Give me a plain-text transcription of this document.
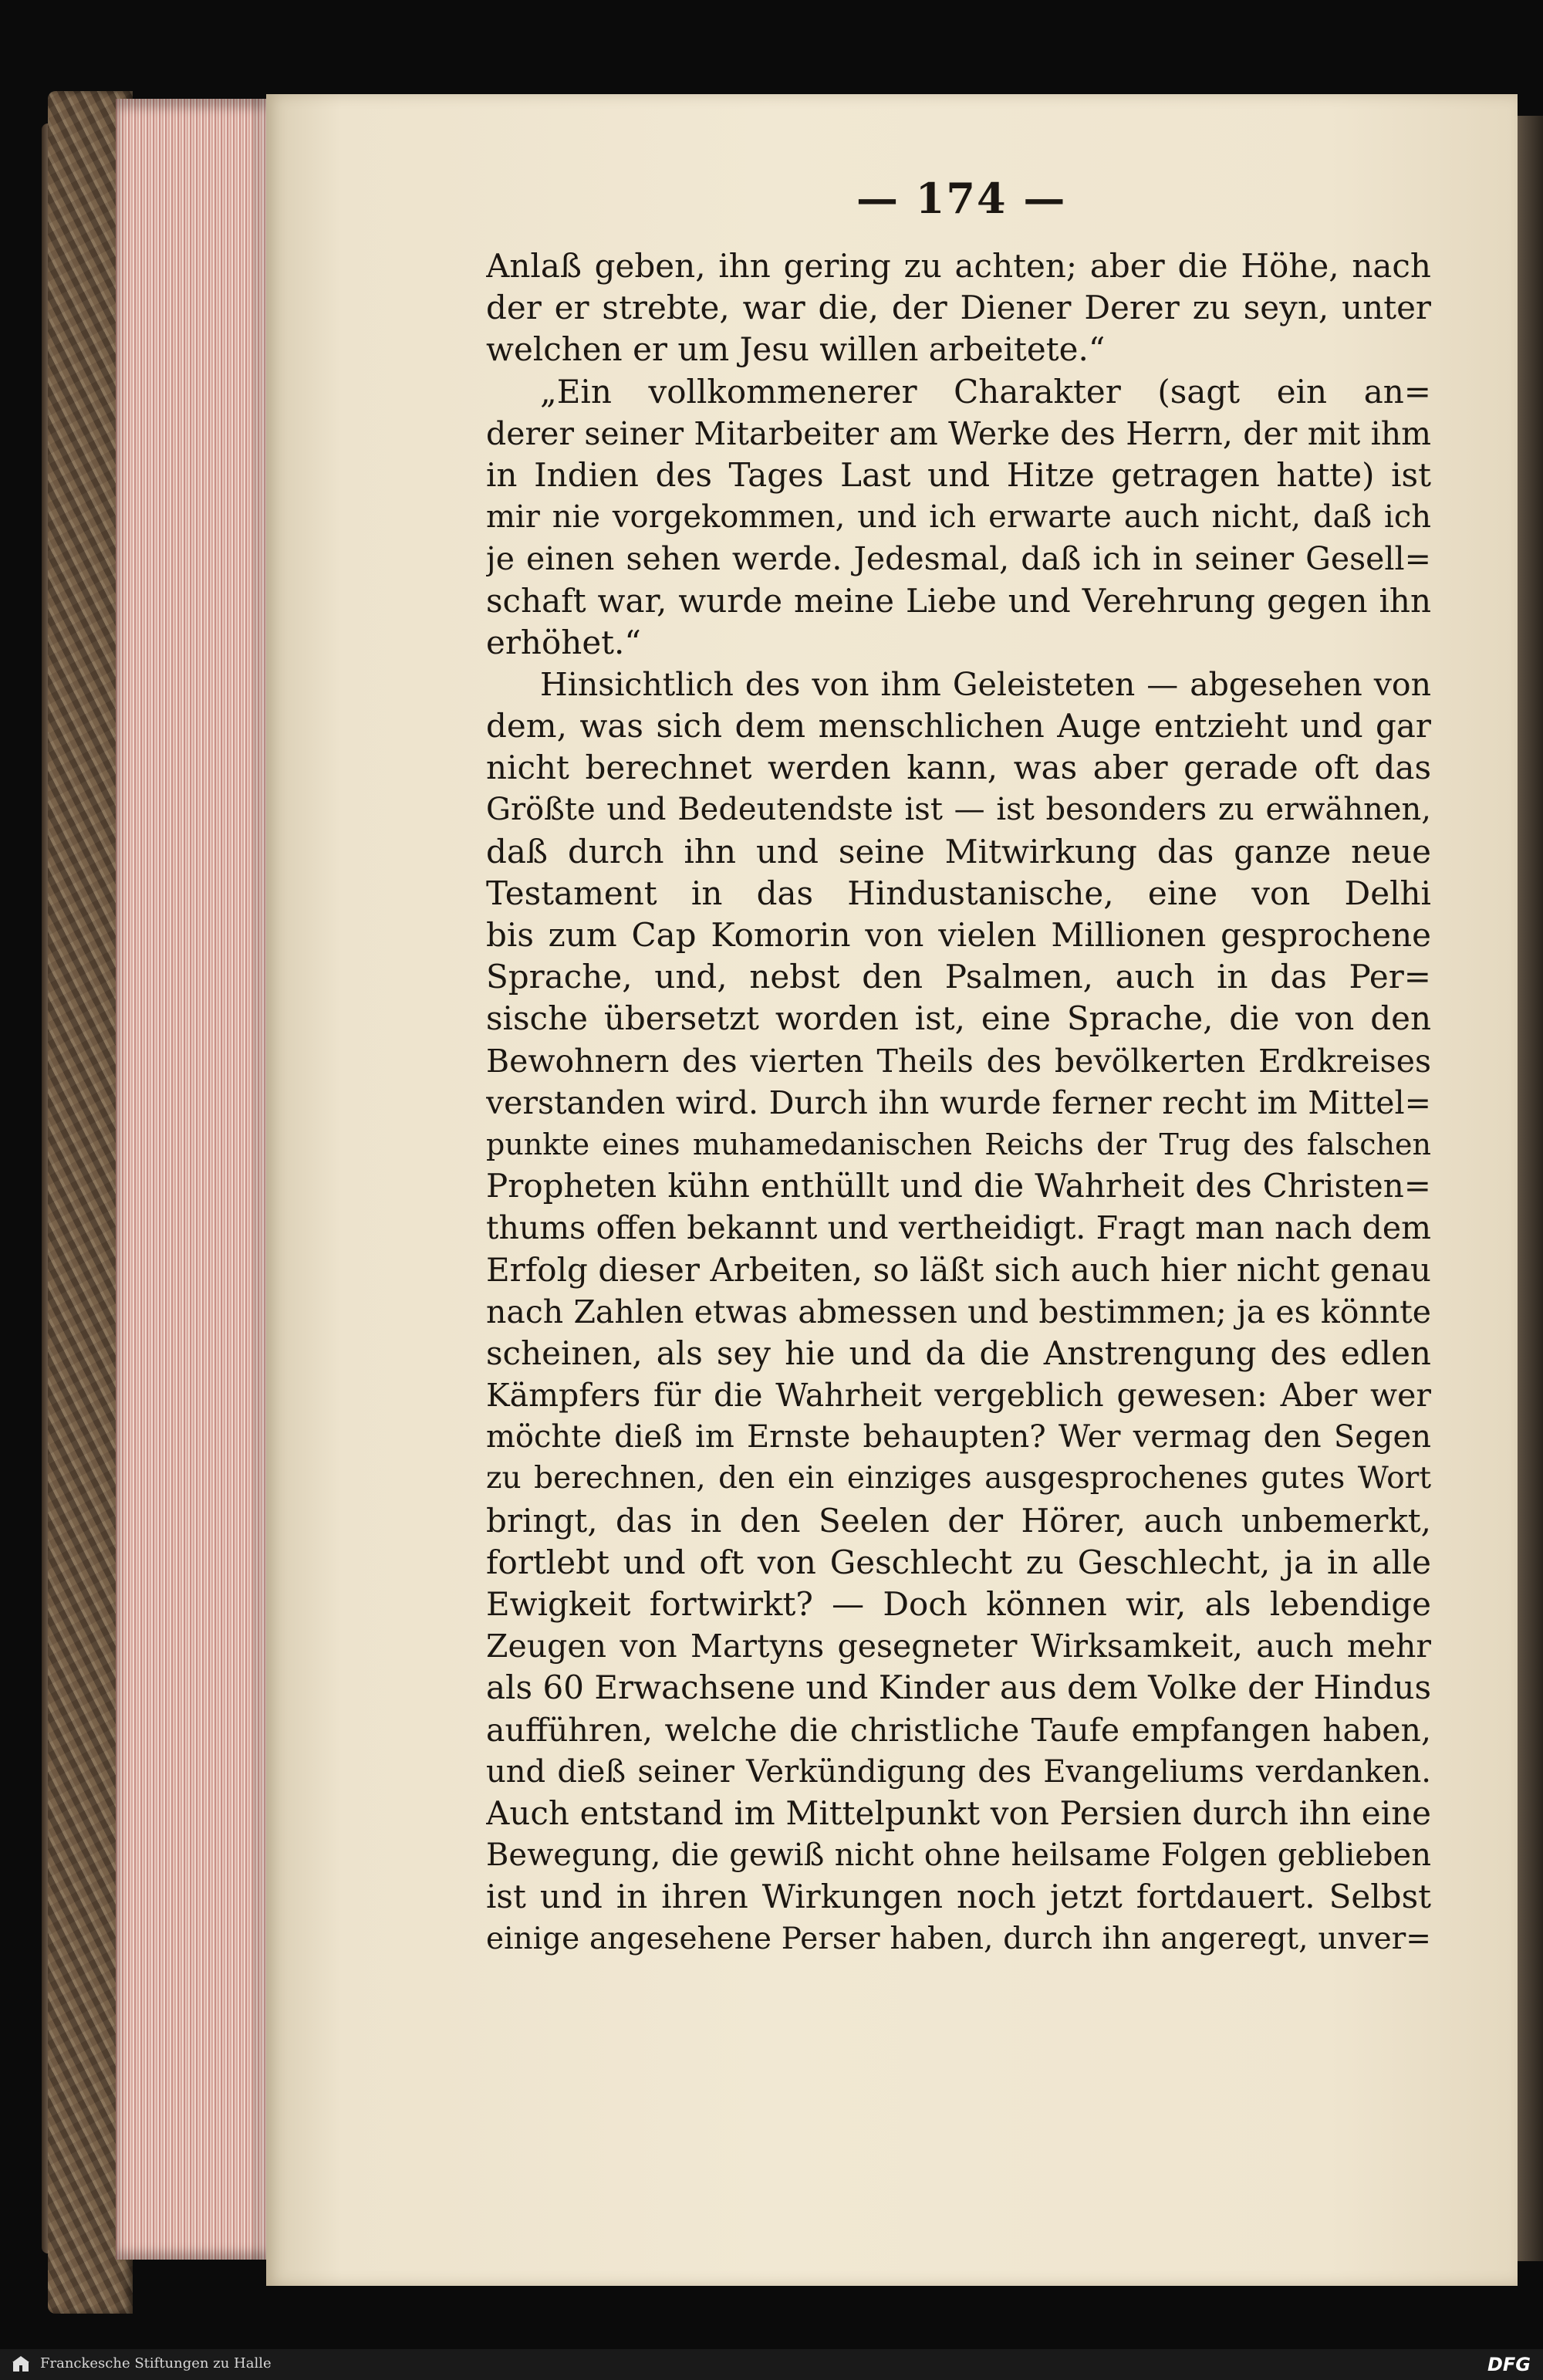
— 174 —
Anlaß geben, ihn gering zu achten; aber die Höhe, nach
der er strebte, war die, der Diener Derer zu seyn, unter
welchen er um Jesu willen arbeitete.“
„Ein vollkommenerer Charakter (sagt ein an=
derer seiner Mitarbeiter am Werke des Herrn, der mit ihm
in Indien des Tages Last und Hitze getragen hatte) ist
mir nie vorgekommen, und ich erwarte auch nicht, daß ich
je einen sehen werde. Jedesmal, daß ich in seiner Gesell=
schaft war, wurde meine Liebe und Verehrung gegen ihn
erhöhet.“
Hinsichtlich des von ihm Geleisteten — abgesehen von
dem, was sich dem menschlichen Auge entzieht und gar
nicht berechnet werden kann, was aber gerade oft das
Größte und Bedeutendste ist — ist besonders zu erwähnen,
daß durch ihn und seine Mitwirkung das ganze neue
Testament in das Hindustanische, eine von Delhi
bis zum Cap Komorin von vielen Millionen gesprochene
Sprache, und, nebst den Psalmen, auch in das Per=
sische übersetzt worden ist, eine Sprache, die von den
Bewohnern des vierten Theils des bevölkerten Erdkreises
verstanden wird. Durch ihn wurde ferner recht im Mittel=
punkte eines muhamedanischen Reichs der Trug des falschen
Propheten kühn enthüllt und die Wahrheit des Christen=
thums offen bekannt und vertheidigt. Fragt man nach dem
Erfolg dieser Arbeiten, so läßt sich auch hier nicht genau
nach Zahlen etwas abmessen und bestimmen; ja es könnte
scheinen, als sey hie und da die Anstrengung des edlen
Kämpfers für die Wahrheit vergeblich gewesen: Aber wer
möchte dieß im Ernste behaupten? Wer vermag den Segen
zu berechnen, den ein einziges ausgesprochenes gutes Wort
bringt, das in den Seelen der Hörer, auch unbemerkt,
fortlebt und oft von Geschlecht zu Geschlecht, ja in alle
Ewigkeit fortwirkt? — Doch können wir, als lebendige
Zeugen von Martyns gesegneter Wirksamkeit, auch mehr
als 60 Erwachsene und Kinder aus dem Volke der Hindus
aufführen, welche die christliche Taufe empfangen haben,
und dieß seiner Verkündigung des Evangeliums verdanken.
Auch entstand im Mittelpunkt von Persien durch ihn eine
Bewegung, die gewiß nicht ohne heilsame Folgen geblieben
ist und in ihren Wirkungen noch jetzt fortdauert. Selbst
einige angesehene Perser haben, durch ihn angeregt, unver=
Franckesche Stiftungen zu Halle	DFG
